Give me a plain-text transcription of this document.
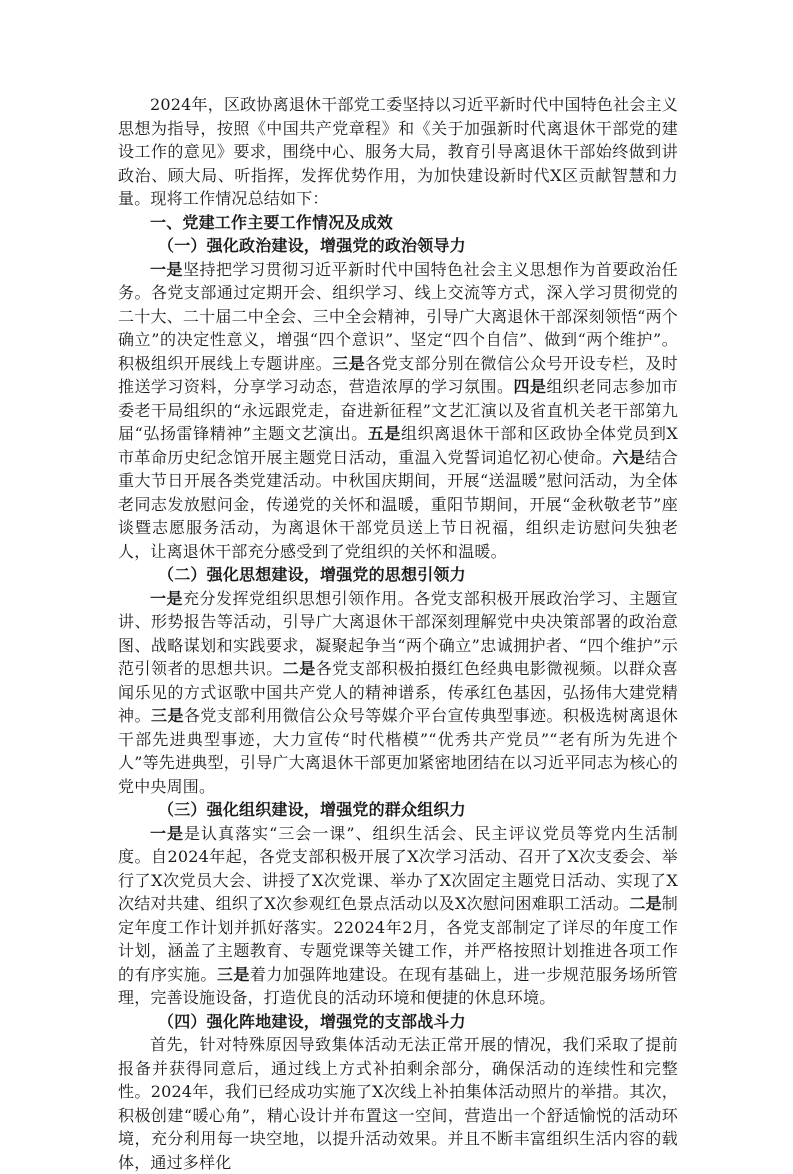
2024年，区政协离退休干部党工委坚持以习近平新时代中国特色社会主义思想为指导，按照《中国共产党章程》和《关于加强新时代离退休干部党的建设工作的意见》要求，围绕中心、服务大局，教育引导离退休干部始终做到讲政治、顾大局、听指挥，发挥优势作用，为加快建设新时代X区贡献智慧和力量。现将工作情况总结如下：

一、党建工作主要工作情况及成效

（一）强化政治建设，增强党的政治领导力

一是坚持把学习贯彻习近平新时代中国特色社会主义思想作为首要政治任务。各党支部通过定期开会、组织学习、线上交流等方式，深入学习贯彻党的二十大、二十届二中全会、三中全会精神，引导广大离退休干部深刻领悟“两个确立”的决定性意义，增强“四个意识”、坚定“四个自信”、做到“两个维护”。积极组织开展线上专题讲座。三是各党支部分别在微信公众号开设专栏，及时推送学习资料，分享学习动态，营造浓厚的学习氛围。四是组织老同志参加市委老干局组织的“永远跟党走，奋进新征程”文艺汇演以及省直机关老干部第九届“弘扬雷锋精神”主题文艺演出。五是组织离退休干部和区政协全体党员到X市革命历史纪念馆开展主题党日活动，重温入党誓词追忆初心使命。六是结合重大节日开展各类党建活动。中秋国庆期间，开展“送温暖”慰问活动，为全体老同志发放慰问金，传递党的关怀和温暖，重阳节期间，开展“金秋敬老节”座谈暨志愿服务活动，为离退休干部党员送上节日祝福，组织走访慰问失独老人，让离退休干部充分感受到了党组织的关怀和温暖。

（二）强化思想建设，增强党的思想引领力

一是充分发挥党组织思想引领作用。各党支部积极开展政治学习、主题宣讲、形势报告等活动，引导广大离退休干部深刻理解党中央决策部署的政治意图、战略谋划和实践要求，凝聚起争当“两个确立”忠诚拥护者、“四个维护”示范引领者的思想共识。二是各党支部积极拍摄红色经典电影微视频。以群众喜闻乐见的方式讴歌中国共产党人的精神谱系，传承红色基因，弘扬伟大建党精神。三是各党支部利用微信公众号等媒介平台宣传典型事迹。积极选树离退休干部先进典型事迹，大力宣传“时代楷模”“优秀共产党员”“老有所为先进个人”等先进典型，引导广大离退休干部更加紧密地团结在以习近平同志为核心的党中央周围。

（三）强化组织建设，增强党的群众组织力

一是是认真落实“三会一课”、组织生活会、民主评议党员等党内生活制度。自2024年起，各党支部积极开展了X次学习活动、召开了X次支委会、举行了X次党员大会、讲授了X次党课、举办了X次固定主题党日活动、实现了X次结对共建、组织了X次参观红色景点活动以及X次慰问困难职工活动。二是制定年度工作计划并抓好落实。22024年2月，各党支部制定了详尽的年度工作计划，涵盖了主题教育、专题党课等关键工作，并严格按照计划推进各项工作的有序实施。三是着力加强阵地建设。在现有基础上，进一步规范服务场所管理，完善设施设备，打造优良的活动环境和便捷的休息环境。

（四）强化阵地建设，增强党的支部战斗力

首先，针对特殊原因导致集体活动无法正常开展的情况，我们采取了提前报备并获得同意后，通过线上方式补拍剩余部分，确保活动的连续性和完整性。2024年，我们已经成功实施了X次线上补拍集体活动照片的举措。其次，积极创建“暖心角”，精心设计并布置这一空间，营造出一个舒适愉悦的活动环境，充分利用每一块空地，以提升活动效果。并且不断丰富组织生活内容的载体，通过多样化
